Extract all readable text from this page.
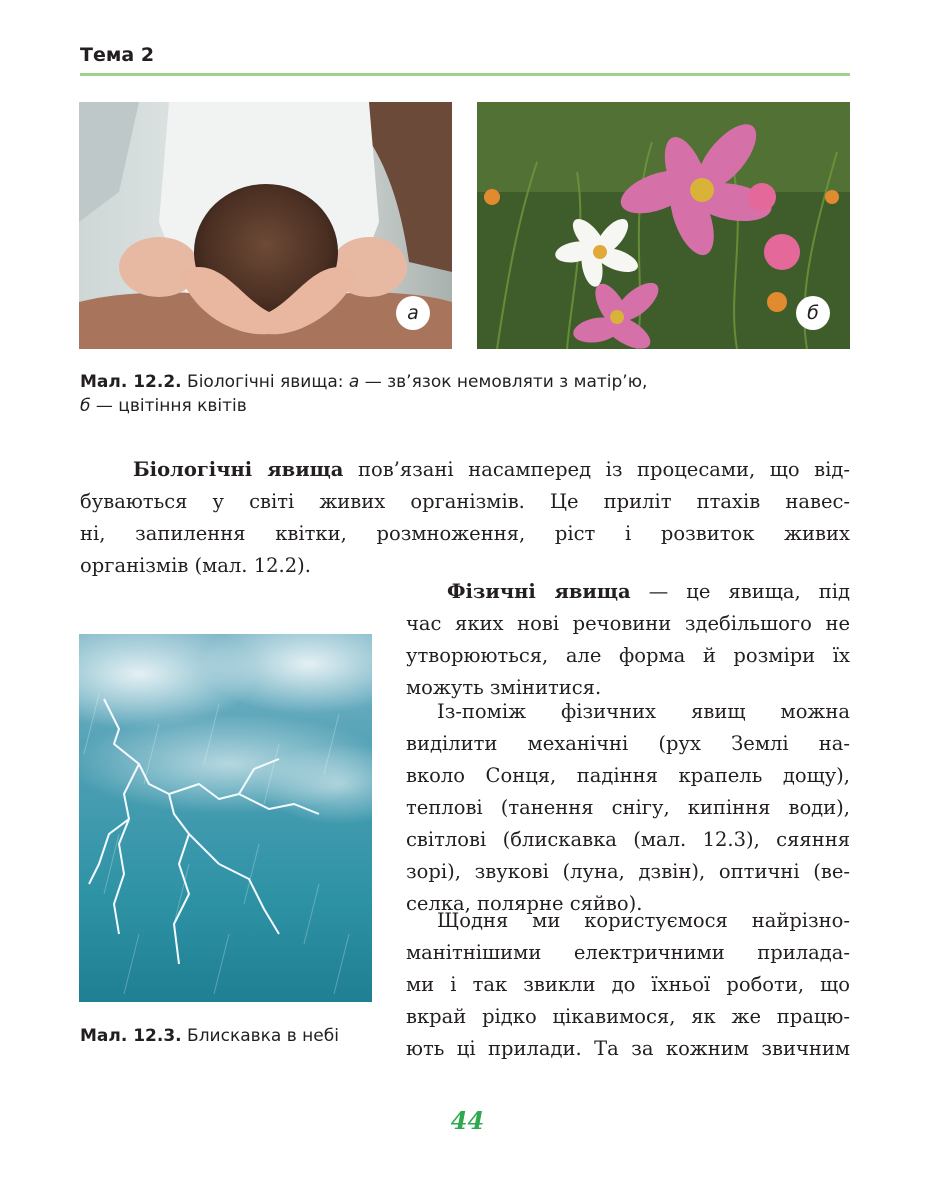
Тема 2
а	б
Мал. 12.2. Біологічні явища: а — зв’язок немовляти з матір’ю,
б — цвітіння квітів
Біологічні явища пов’язані насамперед із процесами, що від-
буваються у світі живих організмів. Це приліт птахів навес-
ні, запилення квітки, розмноження, ріст і розвиток живих
організмів (мал. 12.2).
Фізичні явища — це явища, під
час яких нові речовини здебільшого не
утворюються, але форма й розміри їх
можуть змінитися.
Із-поміж фізичних явищ можна
виділити механічні (рух Землі на-
вколо Сонця, падіння крапель дощу),
теплові (танення снігу, кипіння води),
світлові (блискавка (мал. 12.3), сяяння
зорі), звукові (луна, дзвін), оптичні (ве-
селка, полярне сяйво).
Щодня ми користуємося найрізно-
манітнішими електричними прилада-
ми і так звикли до їхньої роботи, що
вкрай рідко цікавимося, як же працю-
ють ці прилади. Та за кожним звичним
Мал. 12.3. Блискавка в небі
44
